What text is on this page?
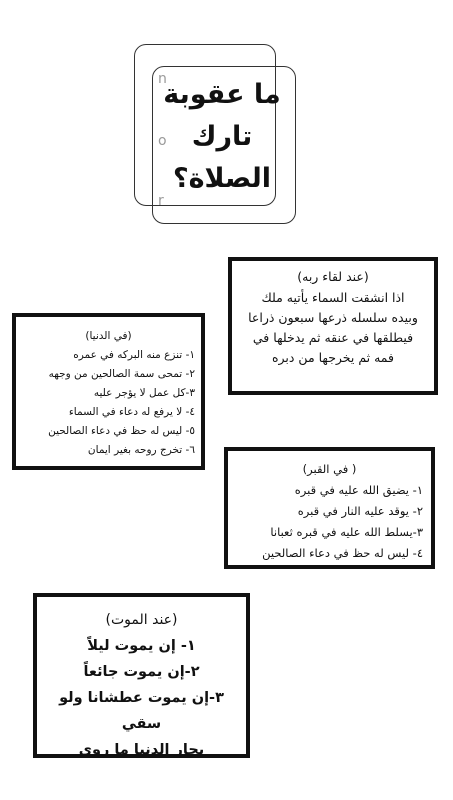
n
o
r
ما عقوبة
تارك
الصلاة؟
(عند لقاء ربه)
اذا انشقت السماء يأتيه ملك
وبيده سلسله ذرعها سبعون ذراعا
فيطلقها في عنقه ثم يدخلها في
فمه ثم يخرجها من دبره
(في الدنيا)
١- تنزع منه البركه في عمره
٢- تمحى سمة الصالحين من وجهه
٣-كل عمل لا يؤجر عليه
٤- لا يرفع له دعاء في السماء
٥- ليس له حظ في دعاء الصالحين
٦- تخرج روحه بغير ايمان
( في القبر)
١- يضيق الله عليه في قبره
٢- يوقد عليه النار في قبره
٣-يسلط الله عليه في قبره ثعبانا
٤- ليس له حظ في دعاء الصالحين
(عند الموت)
١- إن يموت ليلاً
٢-إن يموت جائعاً
٣-إن يموت عطشانا ولو سقي
بحار الدنيا ما روى
